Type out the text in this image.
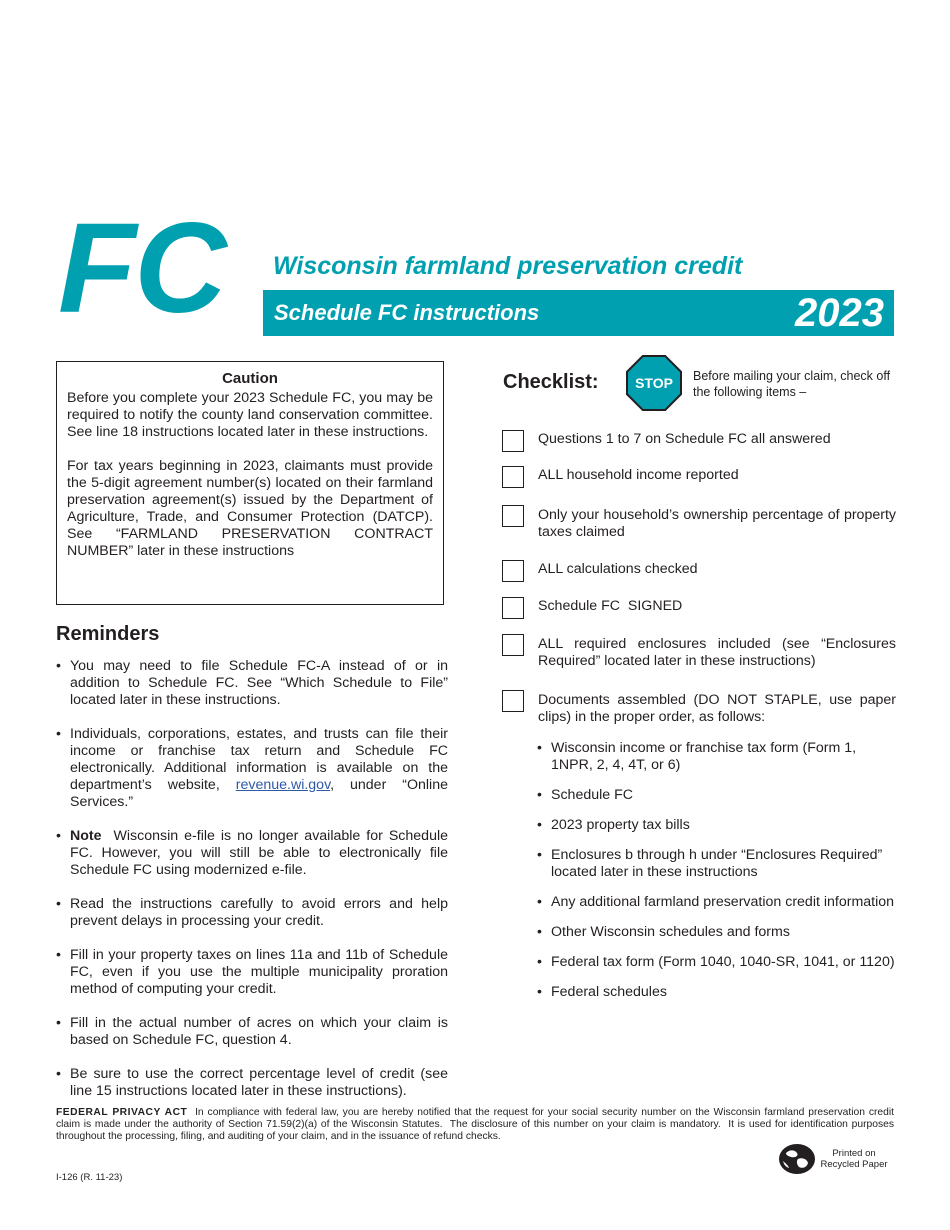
FC Wisconsin farmland preservation credit
Schedule FC instructions	2023
Caution

Before you complete your 2023 Schedule FC, you may be required to notify the county land conservation committee. See line 18 instructions located later in these instructions.

For tax years beginning in 2023, claimants must provide the 5-digit agreement number(s) located on their farmland preservation agreement(s) issued by the Department of Agriculture, Trade, and Consumer Protection (DATCP). See “FARMLAND PRESERVATION CONTRACT NUMBER” later in these instructions

Reminders
• You may need to file Schedule FC-A instead of or in addition to Schedule FC. See “Which Schedule to File” located later in these instructions.
• Individuals, corporations, estates, and trusts can file their income or franchise tax return and Schedule FC electronically. Additional information is available on the department’s website, revenue.wi.gov, under “Online Services.”
• Note  Wisconsin e-file is no longer available for Schedule FC. However, you will still be able to electronically file Schedule FC using modernized e-file.
• Read the instructions carefully to avoid errors and help prevent delays in processing your credit.
• Fill in your property taxes on lines 11a and 11b of Schedule FC, even if you use the multiple municipality proration method of computing your credit.
• Fill in the actual number of acres on which your claim is based on Schedule FC, question 4.
• Be sure to use the correct percentage level of credit (see line 15 instructions located later in these instructions).
Checklist:	STOP Before mailing your claim, check off the following items –
Questions 1 to 7 on Schedule FC all answered
ALL household income reported
Only your household’s ownership percentage of property taxes claimed
ALL calculations checked
Schedule FC  SIGNED
ALL required enclosures included (see “Enclosures Required” located later in these instructions)
Documents assembled (DO NOT STAPLE, use paper clips) in the proper order, as follows:
• Wisconsin income or franchise tax form (Form 1, 1NPR, 2, 4, 4T, or 6)
• Schedule FC
• 2023 property tax bills
• Enclosures b through h under “Enclosures Required” located later in these instructions
• Any additional farmland preservation credit information
• Other Wisconsin schedules and forms
• Federal tax form (Form 1040, 1040-SR, 1041, or 1120)
• Federal schedules
FEDERAL PRIVACY ACT  In compliance with federal law, you are hereby notified that the request for your social security number on the Wisconsin farmland preservation credit claim is made under the authority of Section 71.59(2)(a) of the Wisconsin Statutes.  The disclosure of this number on your claim is mandatory.  It is used for identification purposes throughout the processing, filing, and auditing of your claim, and in the issuance of refund checks.
I-126 (R. 11-23)
Printed on
Recycled Paper
